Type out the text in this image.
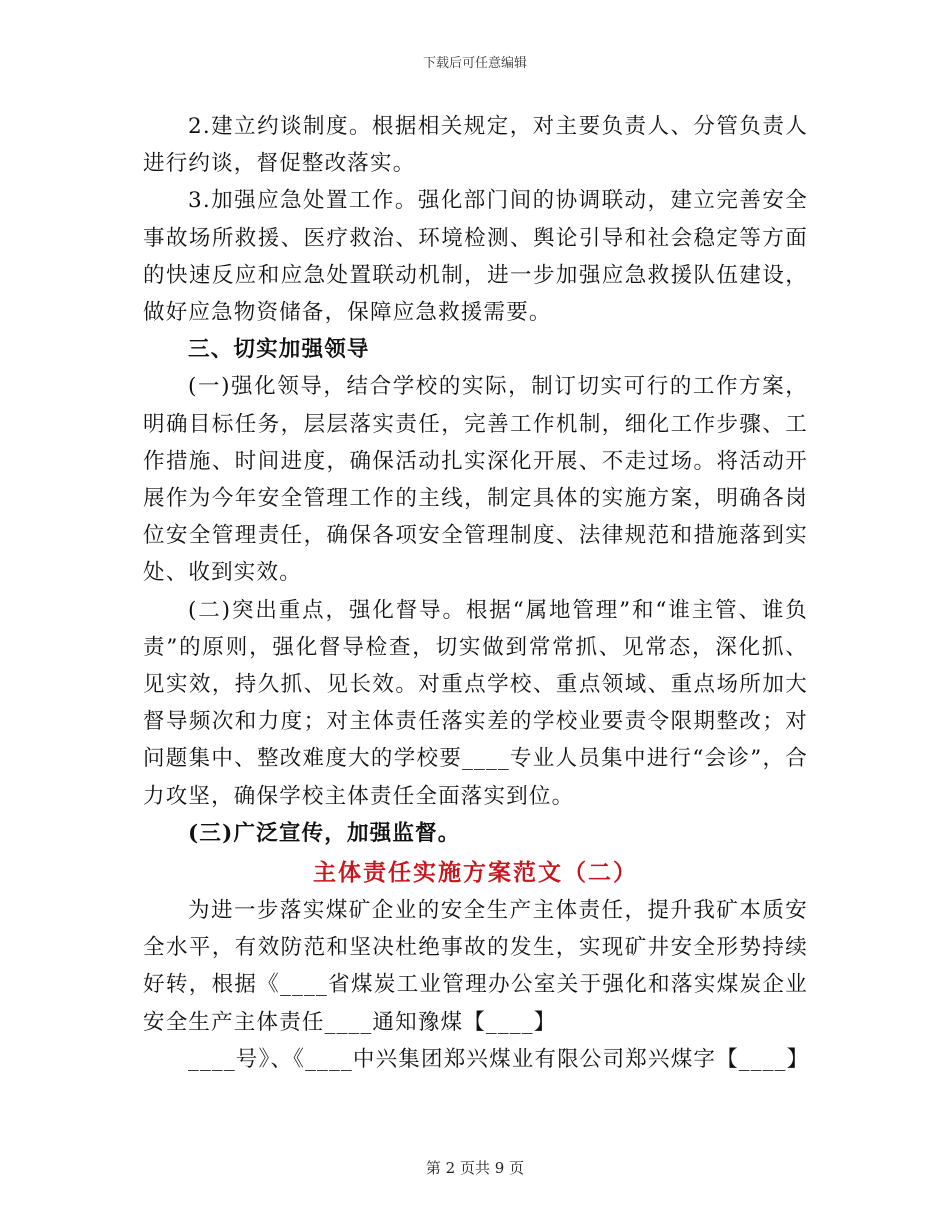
下载后可任意编辑

2.建立约谈制度。根据相关规定，对主要负责人、分管负责人进行约谈，督促整改落实。

3.加强应急处置工作。强化部门间的协调联动，建立完善安全事故场所救援、医疗救治、环境检测、舆论引导和社会稳定等方面的快速反应和应急处置联动机制，进一步加强应急救援队伍建设，做好应急物资储备，保障应急救援需要。

三、切实加强领导

(一)强化领导，结合学校的实际，制订切实可行的工作方案，明确目标任务，层层落实责任，完善工作机制，细化工作步骤、工作措施、时间进度，确保活动扎实深化开展、不走过场。将活动开展作为今年安全管理工作的主线，制定具体的实施方案，明确各岗位安全管理责任，确保各项安全管理制度、法律规范和措施落到实处、收到实效。

(二)突出重点，强化督导。根据“属地管理”和“谁主管、谁负责”的原则，强化督导检查，切实做到常常抓、见常态，深化抓、见实效，持久抓、见长效。对重点学校、重点领域、重点场所加大督导频次和力度；对主体责任落实差的学校业要责令限期整改；对问题集中、整改难度大的学校要____专业人员集中进行“会诊”，合力攻坚，确保学校主体责任全面落实到位。

(三)广泛宣传，加强监督。

主体责任实施方案范文（二）

为进一步落实煤矿企业的安全生产主体责任，提升我矿本质安全水平，有效防范和坚决杜绝事故的发生，实现矿井安全形势持续好转，根据《____省煤炭工业管理办公室关于强化和落实煤炭企业安全生产主体责任____通知豫煤【____】

____号》、《____中兴集团郑兴煤业有限公司郑兴煤字【____】

第 2 页共 9 页
